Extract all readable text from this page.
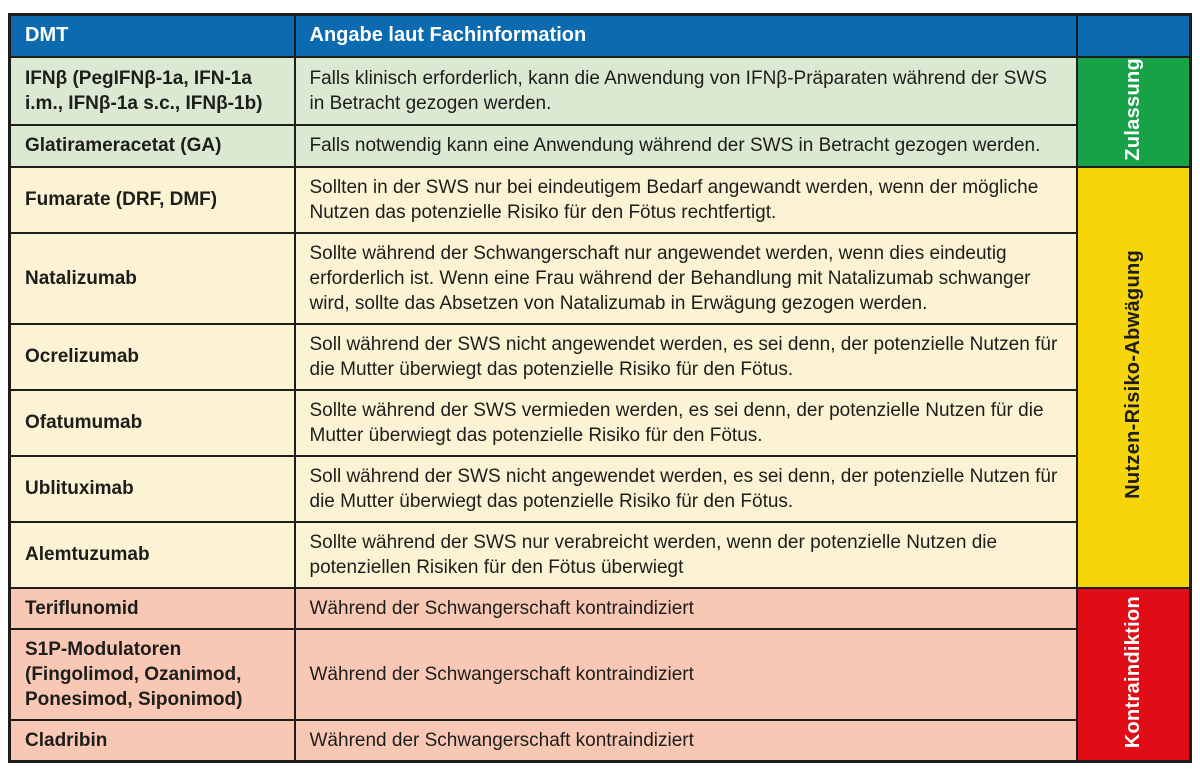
DMT	Angabe laut Fachinformation	
IFNβ (PegIFNβ-1a, IFN-1a i.m., IFNβ-1a s.c., IFNβ-1b)	Falls klinisch erforderlich, kann die Anwendung von IFNβ-Präparaten während der SWS in Betracht gezogen werden.	Zulassung
Glatirameracetat (GA)	Falls notwendig kann eine Anwendung während der SWS in Betracht gezogen werden.	
Fumarate (DRF, DMF)	Sollten in der SWS nur bei eindeutigem Bedarf angewandt werden, wenn der mögliche Nutzen das potenzielle Risiko für den Fötus rechtfertigt.	Nutzen-Risiko-Abwägung
Natalizumab	Sollte während der Schwangerschaft nur angewendet werden, wenn dies eindeutig erforderlich ist. Wenn eine Frau während der Behandlung mit Natalizumab schwanger wird, sollte das Absetzen von Natalizumab in Erwägung gezogen werden.	
Ocrelizumab	Soll während der SWS nicht angewendet werden, es sei denn, der potenzielle Nutzen für die Mutter überwiegt das potenzielle Risiko für den Fötus.	
Ofatumumab	Sollte während der SWS vermieden werden, es sei denn, der potenzielle Nutzen für die Mutter überwiegt das potenzielle Risiko für den Fötus.	
Ublituximab	Soll während der SWS nicht angewendet werden, es sei denn, der potenzielle Nutzen für die Mutter überwiegt das potenzielle Risiko für den Fötus.	
Alemtuzumab	Sollte während der SWS nur verabreicht werden, wenn der potenzielle Nutzen die potenziellen Risiken für den Fötus überwiegt	
Teriflunomid	Während der Schwangerschaft kontraindiziert	Kontraindiktion
S1P-Modulatoren (Fingolimod, Ozanimod, Ponesimod, Siponimod)	Während der Schwangerschaft kontraindiziert	
Cladribin	Während der Schwangerschaft kontraindiziert	
